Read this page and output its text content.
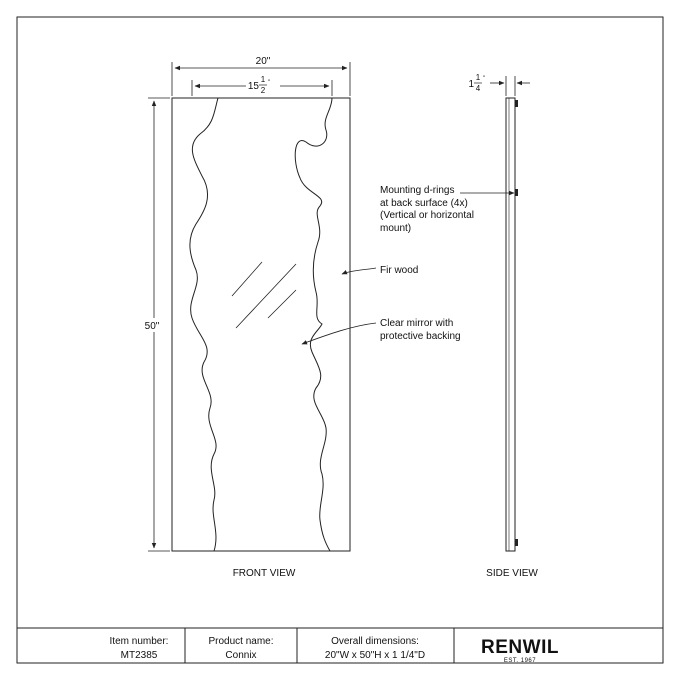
20"
15
1
2
"
50"
FRONT VIEW
Mounting d-rings at back surface (4x) (Vertical or horizontal mount)
Fir wood
Clear mirror with protective backing
1
1
4
"
SIDE VIEW
Item number:
MT2385
Product name:
Connix
Overall dimensions:
20"W x 50"H x 1 1/4"D	RENWIL
EST. 1967
